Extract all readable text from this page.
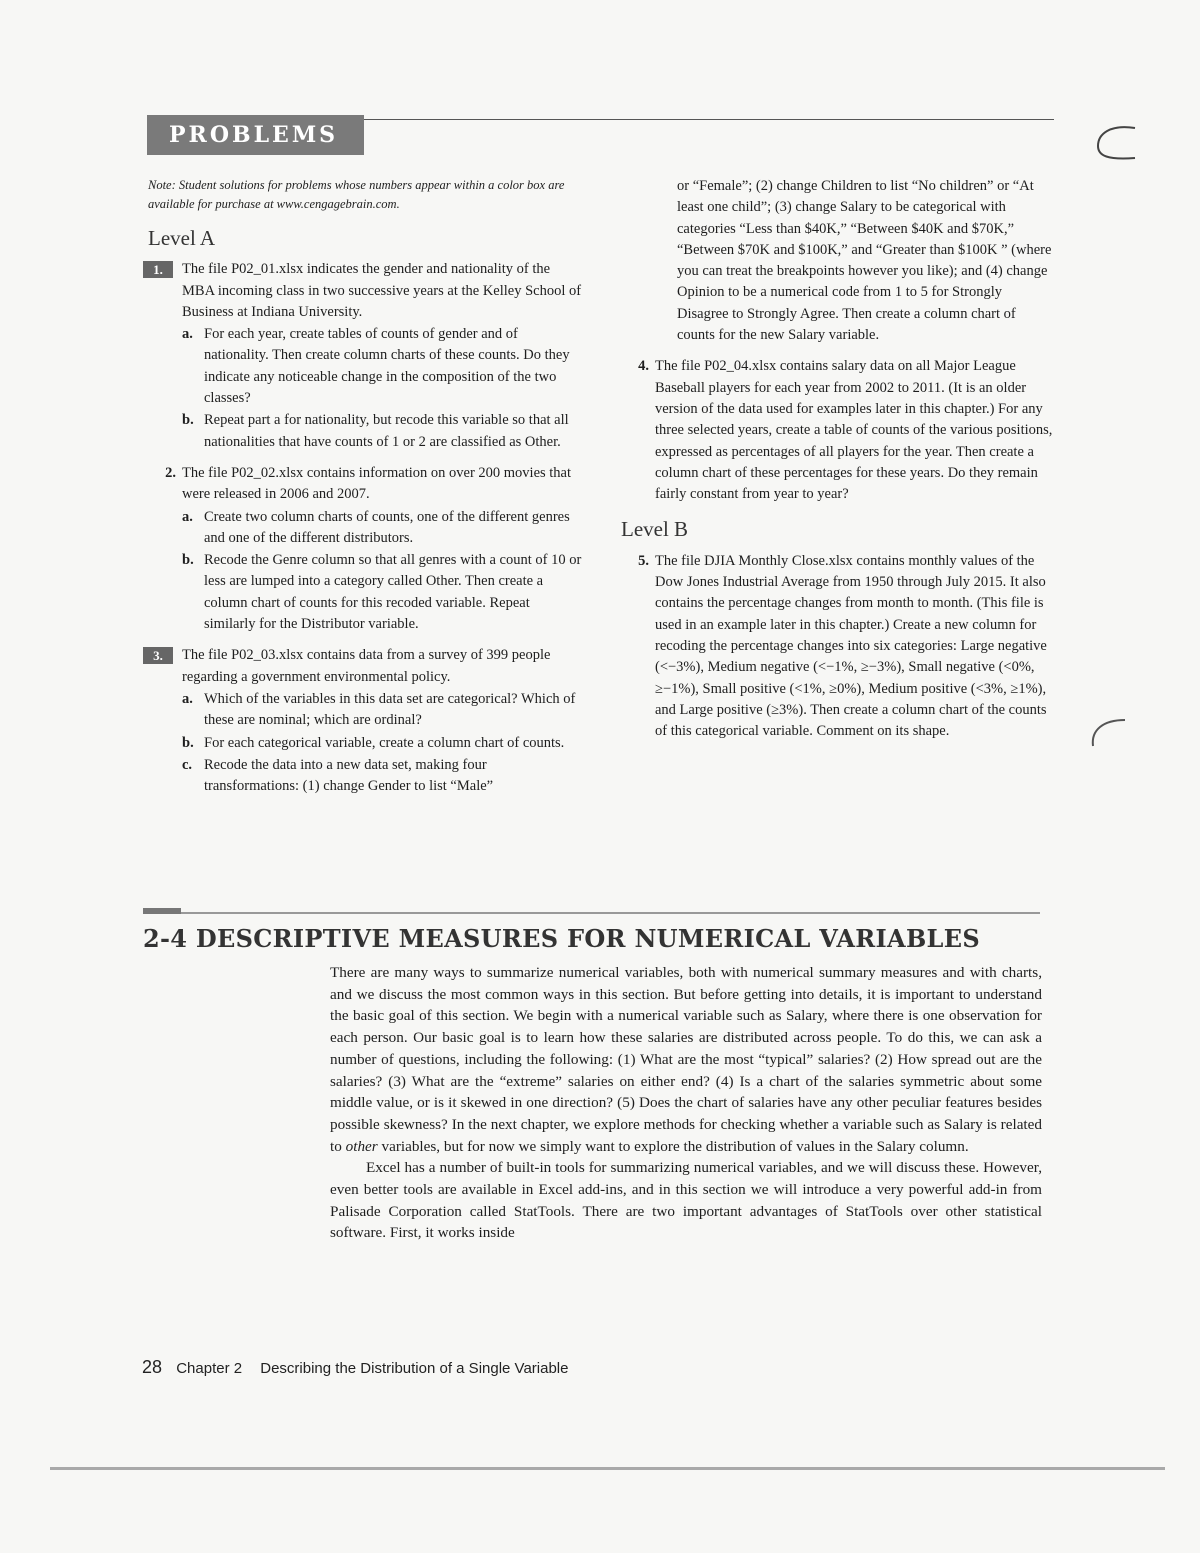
PROBLEMS
Note: Student solutions for problems whose numbers appear within a color box are available for purchase at www.cengagebrain.com.
Level A
1.	The file P02_01.xlsx indicates the gender and nationality of the MBA incoming class in two successive years at the Kelley School of Business at Indiana University.
a. For each year, create tables of counts of gender and of nationality. Then create column charts of these counts. Do they indicate any noticeable change in the composition of the two classes?
b. Repeat part a for nationality, but recode this variable so that all nationalities that have counts of 1 or 2 are classified as Other.
2. The file P02_02.xlsx contains information on over 200 movies that were released in 2006 and 2007.
a. Create two column charts of counts, one of the different genres and one of the different distributors.
b. Recode the Genre column so that all genres with a count of 10 or less are lumped into a category called Other. Then create a column chart of counts for this recoded variable. Repeat similarly for the Distributor variable.
3.	The file P02_03.xlsx contains data from a survey of 399 people regarding a government environmental policy.
a. Which of the variables in this data set are categorical? Which of these are nominal; which are ordinal?
b. For each categorical variable, create a column chart of counts.
c. Recode the data into a new data set, making four transformations: (1) change Gender to list “Male”
or “Female”; (2) change Children to list “No children” or “At least one child”; (3) change Salary to be categorical with categories “Less than $40K,” “Between $40K and $70K,” “Between $70K and $100K,” and “Greater than $100K ” (where you can treat the breakpoints however you like); and (4) change Opinion to be a numerical code from 1 to 5 for Strongly Disagree to Strongly Agree. Then create a column chart of counts for the new Salary variable.
4. The file P02_04.xlsx contains salary data on all Major League Baseball players for each year from 2002 to 2011. (It is an older version of the data used for examples later in this chapter.) For any three selected years, create a table of counts of the various positions, expressed as percentages of all players for the year. Then create a column chart of these percentages for these years. Do they remain fairly constant from year to year?
Level B
5. The file DJIA Monthly Close.xlsx contains monthly values of the Dow Jones Industrial Average from 1950 through July 2015. It also contains the percentage changes from month to month. (This file is used in an example later in this chapter.) Create a new column for recoding the percentage changes into six categories: Large negative (<−3%), Medium negative (<−1%, ≥−3%), Small negative (<0%, ≥−1%), Small positive (<1%, ≥0%), Medium positive (<3%, ≥1%), and Large positive (≥3%). Then create a column chart of the counts of this categorical variable. Comment on its shape.
2-4 DESCRIPTIVE MEASURES FOR NUMERICAL VARIABLES

There are many ways to summarize numerical variables, both with numerical summary measures and with charts, and we discuss the most common ways in this section. But before getting into details, it is important to understand the basic goal of this section. We begin with a numerical variable such as Salary, where there is one observation for each person. Our basic goal is to learn how these salaries are distributed across people. To do this, we can ask a number of questions, including the following: (1) What are the most “typical” salaries? (2) How spread out are the salaries? (3) What are the “extreme” salaries on either end? (4) Is a chart of the salaries symmetric about some middle value, or is it skewed in one direction? (5) Does the chart of salaries have any other peculiar features besides possible skewness? In the next chapter, we explore methods for checking whether a variable such as Salary is related to other variables, but for now we simply want to explore the distribution of values in the Salary column.

Excel has a number of built-in tools for summarizing numerical variables, and we will discuss these. However, even better tools are available in Excel add-ins, and in this section we will introduce a very powerful add-in from Palisade Corporation called StatTools. There are two important advantages of StatTools over other statistical software. First, it works inside

28 Chapter 2 Describing the Distribution of a Single Variable
